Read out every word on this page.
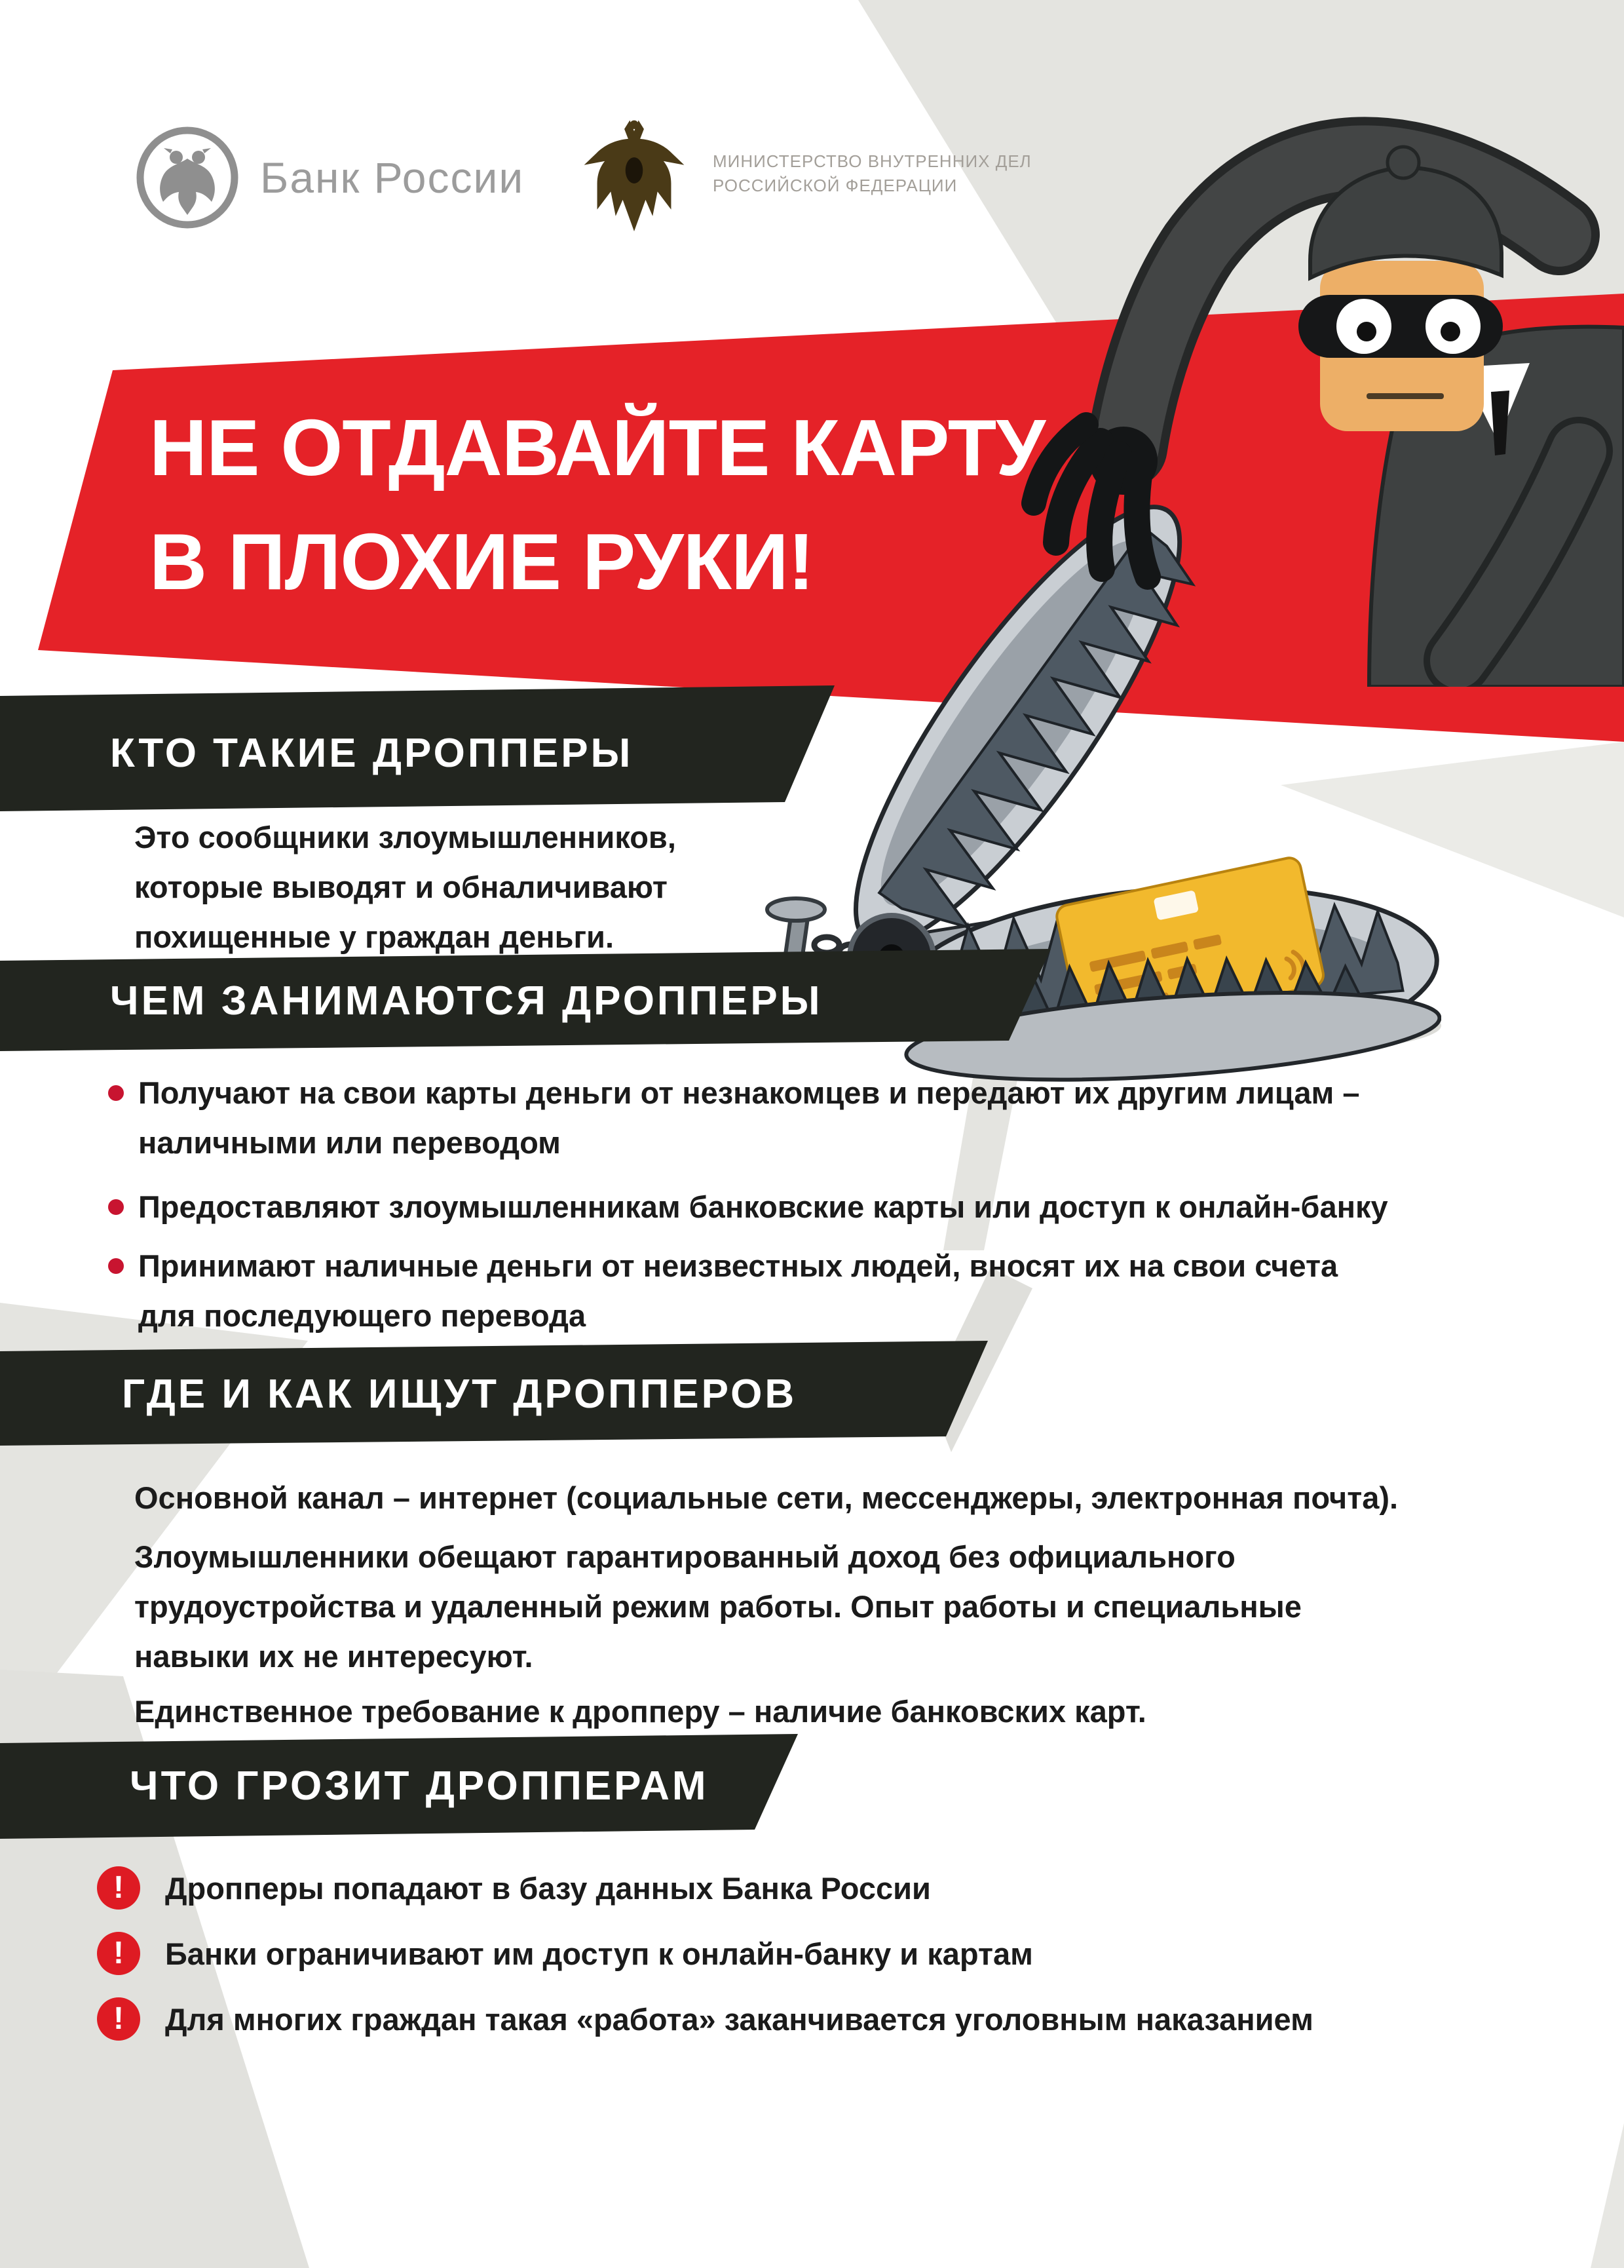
Банк России	МИНИСТЕРСТВО ВНУТРЕННИХ ДЕЛ
РОССИЙСКОЙ ФЕДЕРАЦИИ
НЕ ОТДАВАЙТЕ КАРТУ
В ПЛОХИЕ РУКИ!
КТО ТАКИЕ ДРОППЕРЫ
ЧЕМ ЗАНИМАЮТСЯ ДРОППЕРЫ
ГДЕ И КАК ИЩУТ ДРОППЕРОВ
ЧТО ГРОЗИТ ДРОППЕРАМ
Это сообщники злоумышленников,
которые выводят и обналичивают
похищенные у граждан деньги.
Получают на свои карты деньги от незнакомцев и передают их другим лицам –
наличными или переводом
Предоставляют злоумышленникам банковские карты или доступ к онлайн-банку
Принимают наличные деньги от неизвестных людей, вносят их на свои счета
для последующего перевода
Основной канал – интернет (социальные сети, мессенджеры, электронная почта).
Злоумышленники обещают гарантированный доход без официального
трудоустройства и удаленный режим работы. Опыт работы и специальные
навыки их не интересуют.
Единственное требование к дропперу – наличие банковских карт.
!	Дропперы попадают в базу данных Банка России
!	Банки ограничивают им доступ к онлайн-банку и картам
!	Для многих граждан такая «работа» заканчивается уголовным наказанием
